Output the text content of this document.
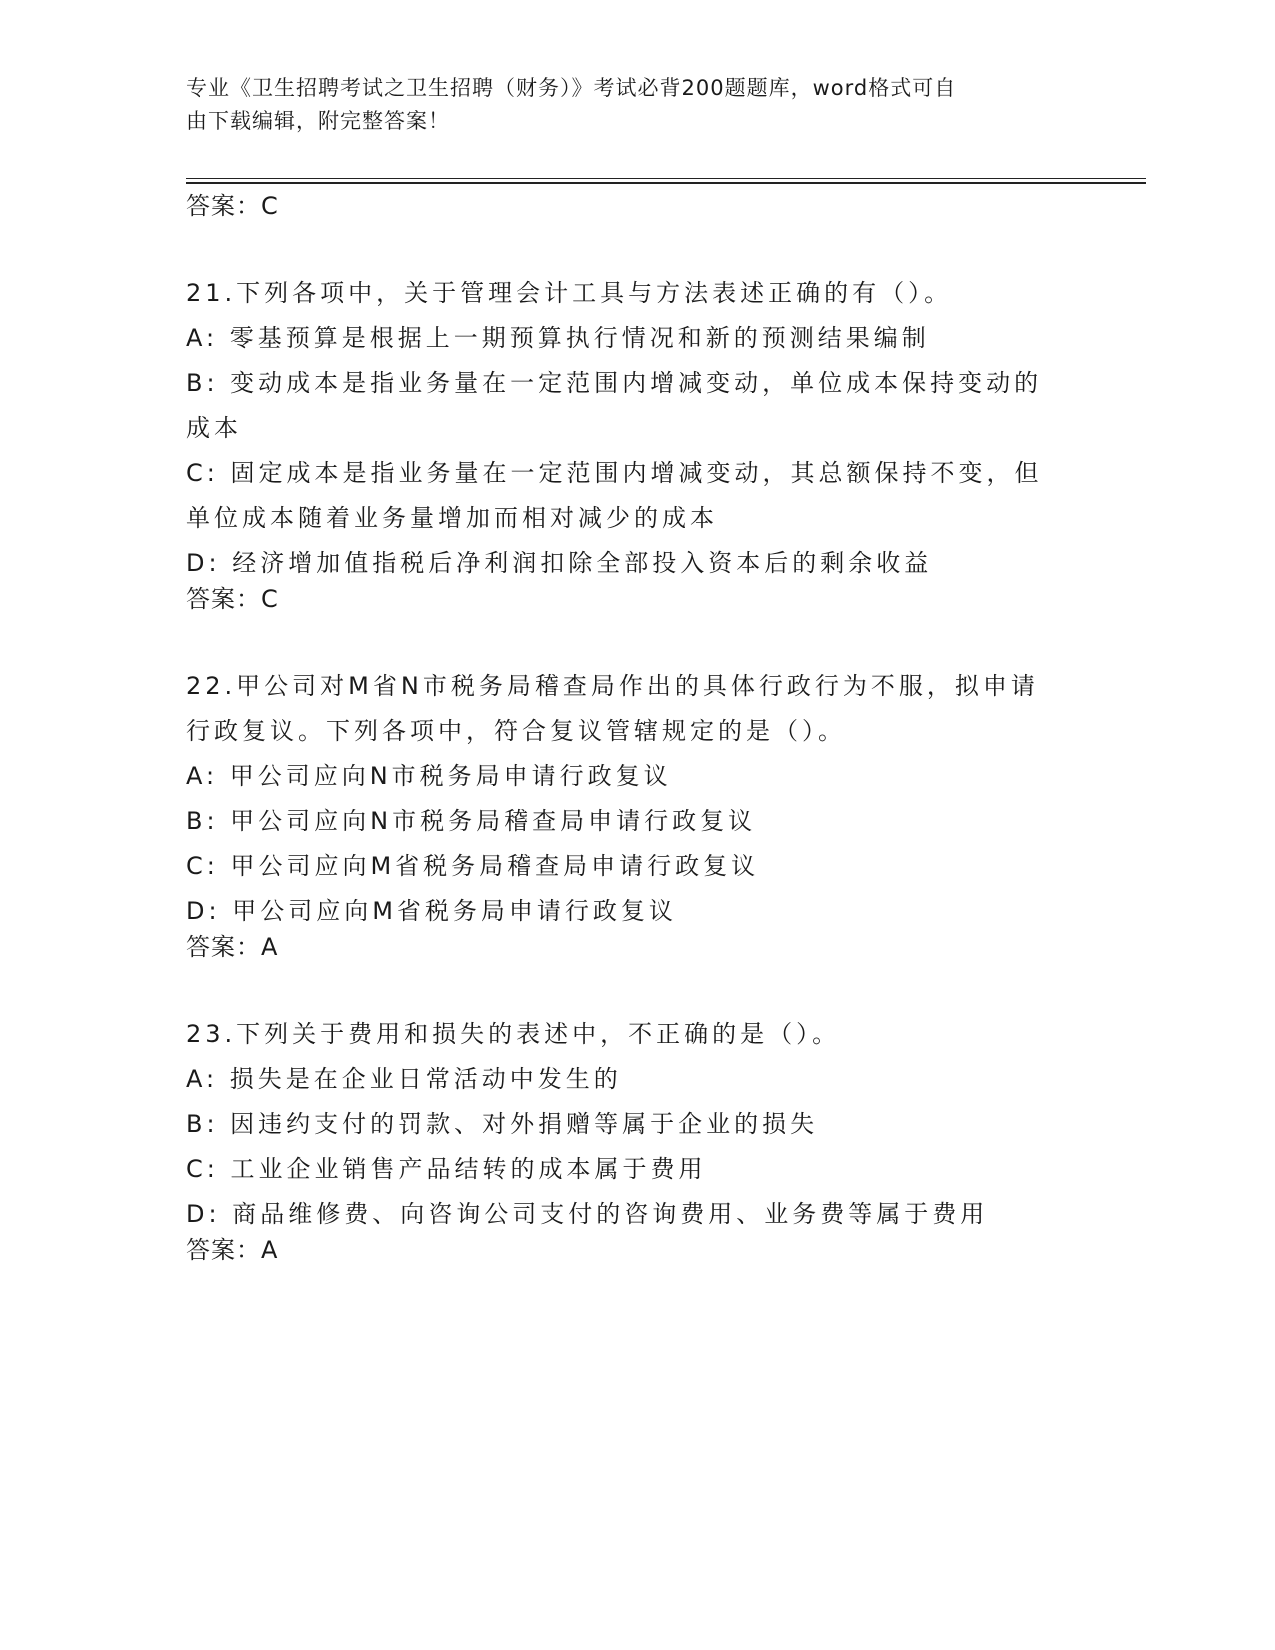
专业《卫生招聘考试之卫生招聘（财务）》考试必背200题题库，word格式可自
由下载编辑，附完整答案！
答案：C
21.下列各项中，关于管理会计工具与方法表述正确的有（）。
A: 零基预算是根据上一期预算执行情况和新的预测结果编制
B: 变动成本是指业务量在一定范围内增减变动，单位成本保持变动的
成本
C: 固定成本是指业务量在一定范围内增减变动，其总额保持不变，但
单位成本随着业务量增加而相对减少的成本
D: 经济增加值指税后净利润扣除全部投入资本后的剩余收益
答案：C
22.甲公司对M省N市税务局稽查局作出的具体行政行为不服，拟申请
行政复议。下列各项中，符合复议管辖规定的是（）。
A: 甲公司应向N市税务局申请行政复议
B: 甲公司应向N市税务局稽查局申请行政复议
C: 甲公司应向M省税务局稽查局申请行政复议
D: 甲公司应向M省税务局申请行政复议
答案：A
23.下列关于费用和损失的表述中，不正确的是（）。
A: 损失是在企业日常活动中发生的
B: 因违约支付的罚款、对外捐赠等属于企业的损失
C: 工业企业销售产品结转的成本属于费用
D: 商品维修费、向咨询公司支付的咨询费用、业务费等属于费用
答案：A
